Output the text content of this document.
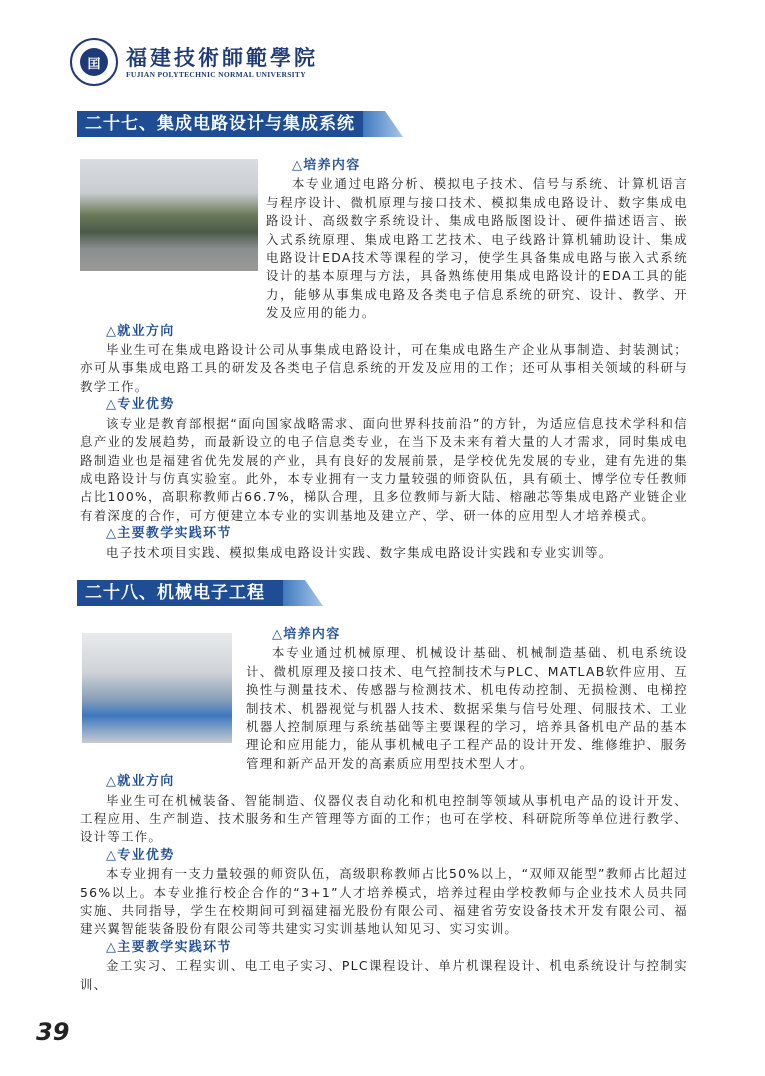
囯	福建技術師範學院
FUJIAN POLYTECHNIC NORMAL UNIVERSITY
二十七、集成电路设计与集成系统
△培养内容
本专业通过电路分析、模拟电子技术、信号与系统、计算机语言与程序设计、微机原理与接口技术、模拟集成电路设计、数字集成电路设计、高级数字系统设计、集成电路版图设计、硬件描述语言、嵌入式系统原理、集成电路工艺技术、电子线路计算机辅助设计、集成电路设计EDA技术等课程的学习，使学生具备集成电路与嵌入式系统设计的基本原理与方法，具备熟练使用集成电路设计的EDA工具的能力，能够从事集成电路及各类电子信息系统的研究、设计、教学、开发及应用的能力。
△就业方向
毕业生可在集成电路设计公司从事集成电路设计，可在集成电路生产企业从事制造、封装测试；亦可从事集成电路工具的研发及各类电子信息系统的开发及应用的工作；还可从事相关领域的科研与教学工作。
△专业优势
该专业是教育部根据“面向国家战略需求、面向世界科技前沿”的方针，为适应信息技术学科和信息产业的发展趋势，而最新设立的电子信息类专业，在当下及未来有着大量的人才需求，同时集成电路制造业也是福建省优先发展的产业，具有良好的发展前景，是学校优先发展的专业，建有先进的集成电路设计与仿真实验室。此外，本专业拥有一支力量较强的师资队伍，具有硕士、博学位专任教师占比100%，高职称教师占66.7%，梯队合理，且多位教师与新大陆、榕融芯等集成电路产业链企业有着深度的合作，可方便建立本专业的实训基地及建立产、学、研一体的应用型人才培养模式。
△主要教学实践环节
电子技术项目实践、模拟集成电路设计实践、数字集成电路设计实践和专业实训等。
二十八、机械电子工程
△培养内容
本专业通过机械原理、机械设计基础、机械制造基础、机电系统设计、微机原理及接口技术、电气控制技术与PLC、MATLAB软件应用、互换性与测量技术、传感器与检测技术、机电传动控制、无损检测、电梯控制技术、机器视觉与机器人技术、数据采集与信号处理、伺服技术、工业机器人控制原理与系统基础等主要课程的学习，培养具备机电产品的基本理论和应用能力，能从事机械电子工程产品的设计开发、维修维护、服务管理和新产品开发的高素质应用型技术型人才。
△就业方向
毕业生可在机械装备、智能制造、仪器仪表自动化和机电控制等领域从事机电产品的设计开发、工程应用、生产制造、技术服务和生产管理等方面的工作；也可在学校、科研院所等单位进行教学、设计等工作。
△专业优势
本专业拥有一支力量较强的师资队伍，高级职称教师占比50%以上，“双师双能型”教师占比超过56%以上。本专业推行校企合作的“3+1”人才培养模式，培养过程由学校教师与企业技术人员共同实施、共同指导，学生在校期间可到福建福光股份有限公司、福建省劳安设备技术开发有限公司、福建兴翼智能装备股份有限公司等共建实习实训基地认知见习、实习实训。
△主要教学实践环节
金工实习、工程实训、电工电子实习、PLC课程设计、单片机课程设计、机电系统设计与控制实训、
39
